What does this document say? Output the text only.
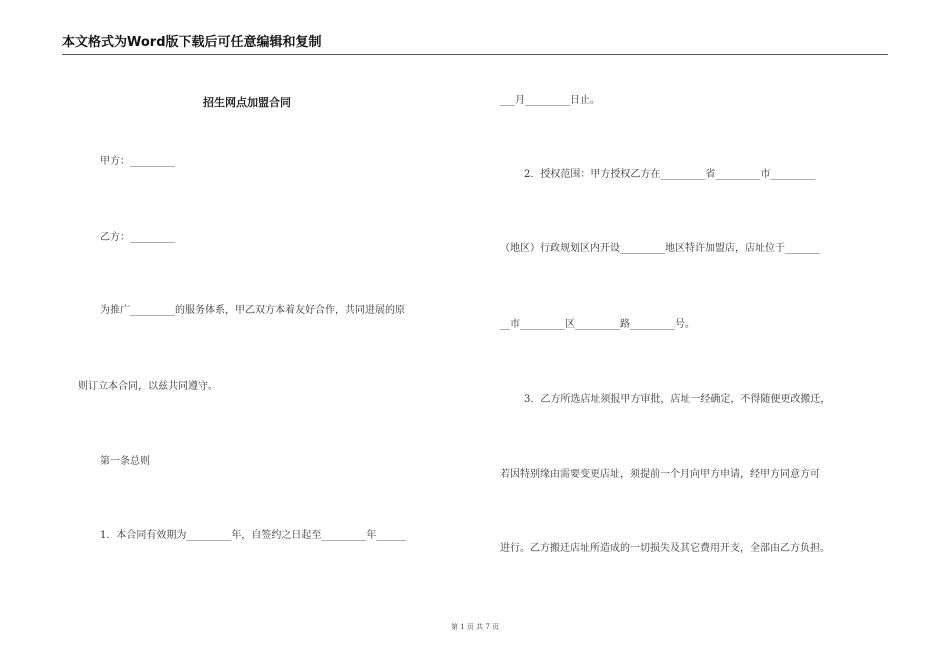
本文格式为Word版下载后可任意编辑和复制
招生网点加盟合同
甲方：_________
乙方：_________
为推广_________的服务体系，甲乙双方本着友好合作，共同进展的原
则订立本合同，以兹共同遵守。
第一条总则
1．本合同有效期为_________年，自签约之日起至_________年______
___月_________日止。
2．授权范围：甲方授权乙方在_________省_________市_________
（地区）行政规划区内开设_________地区特许加盟店，店址位于_______
__市_________区_________路_________号。
3．乙方所选店址须报甲方审批，店址一经确定，不得随便更改搬迁，
若因特别缘由需要变更店址，须提前一个月向甲方申请，经甲方同意方可
进行。乙方搬迁店址所造成的一切损失及其它费用开支，全部由乙方负担。
第 1 页 共 7 页
